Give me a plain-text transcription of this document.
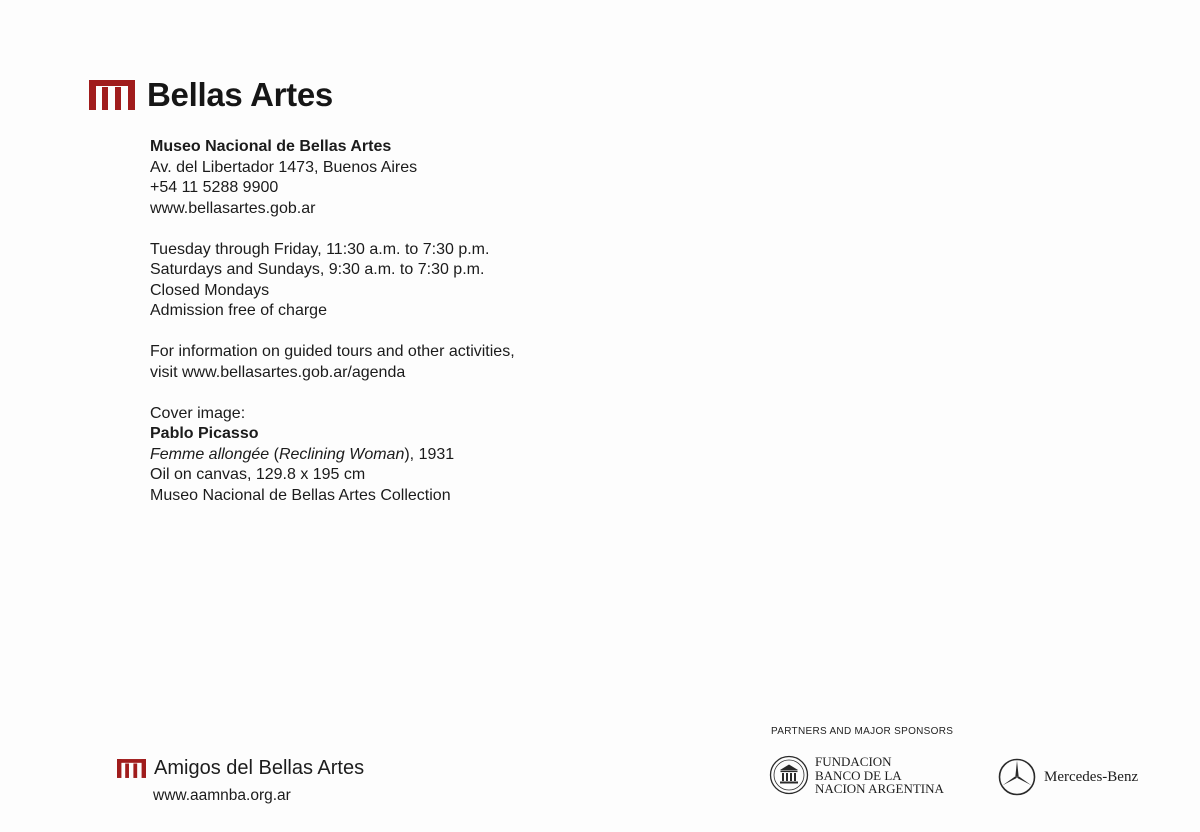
Bellas Artes
Museo Nacional de Bellas Artes
Av. del Libertador 1473, Buenos Aires
+54 11 5288 9900
www.bellasartes.gob.ar
Tuesday through Friday, 11:30 a.m. to 7:30 p.m.
Saturdays and Sundays, 9:30 a.m. to 7:30 p.m.
Closed Mondays
Admission free of charge
For information on guided tours and other activities,
visit www.bellasartes.gob.ar/agenda
Cover image:
Pablo Picasso
Femme allongée (Reclining Woman), 1931
Oil on canvas, 129.8 x 195 cm
Museo Nacional de Bellas Artes Collection
Amigos del Bellas Artes
www.aamnba.org.ar
PARTNERS AND MAJOR SPONSORS
FUNDACION
BANCO DE LA
NACION ARGENTINA
Mercedes-Benz
